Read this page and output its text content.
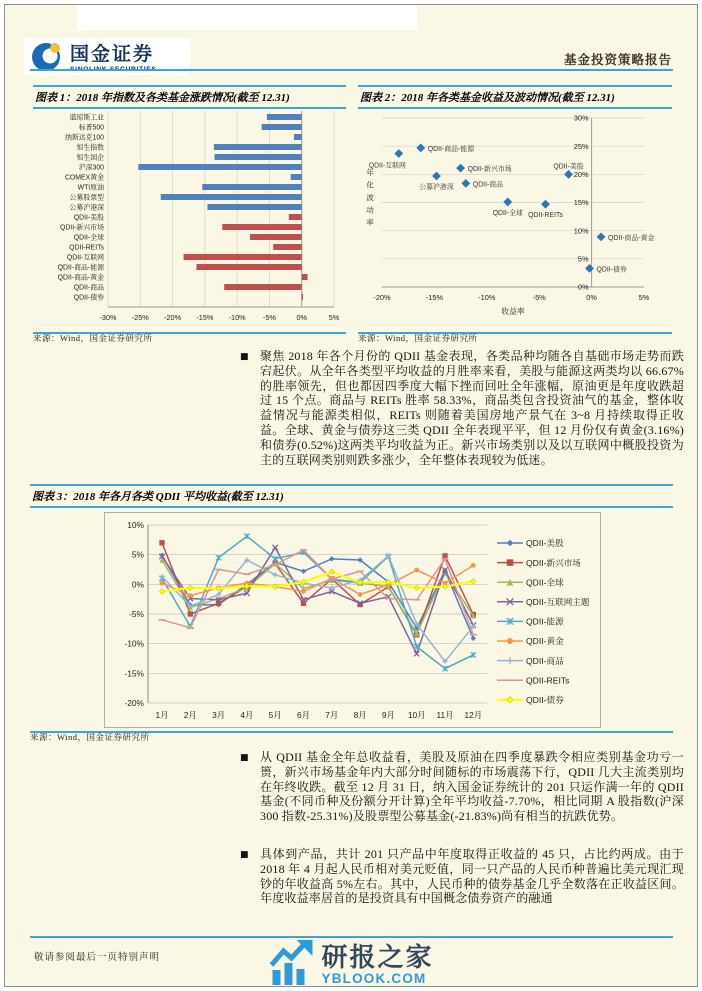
国金证券	基金投资策略报告
图表 1：2018 年指数及各类基金涨跌情况(截至 12.31)
-30% -25% -20% -15% -10% -5%	0%	5%
道琼斯工业
标普500
纳斯达克100
恒生指数
恒生国企
沪深300
COMEX黄金
WTI原油
公募股票型
公募沪港深
QDII-美股
QDII-新兴市场
QDII-全球
QDII-REITs
QDII-互联网
QDII-商品-能源
QDII-商品-黄金
QDII-商品
QDII-债券
来源：Wind，国金证券研究所
图表 2：2018 年各类基金收益及波动情况(截至 12.31)
0%
5%
10%
15%
20%
25%
30%
-20%	-15%	-10%	-5%	0%	5%
收益率
年化波动率
QDII-互联网
QDII-商品-能源
公募沪港深
QDII-新兴市场
QDII-商品
QDII-全球 QDII-REITs
QDII-美股
QDII-商品-黄金
QDII-债券
来源：Wind，国金证券研究所
■ 聚焦 2018 年各个月份的 QDII 基金表现，各类品种均随各自基础市场走势而跌宕起伏。从全年各类型平均收益的月胜率来看，美股与能源这两类均以 66.67%的胜率领先，但也都因四季度大幅下挫而回吐全年涨幅，原油更是年度收跌超过 15 个点。商品与 REITs 胜率 58.33%，商品类包含投资油气的基金，整体收益情况与能源类相似，REITs 则随着美国房地产景气在 3~8 月持续取得正收益。全球、黄金与债券这三类 QDII 全年表现平平，但 12 月份仅有黄金(3.16%)和债券(0.52%)这两类平均收益为正。新兴市场类别以及以互联网中概股投资为主的互联网类别则跌多涨少，全年整体表现较为低迷。
图表 3：2018 年各月各类 QDII 平均收益(截至 12.31)
10%
5%
0%
-5%
-10%
-15%
-20%
1月 2月 3月 4月 5月 6月 7月 8月 9月 10月 11月 12月
QDII-美股
QDII-新兴市场
QDII-全球
QDII-互联网主题
QDII-能源
QDII-黄金
QDII-商品
QDII-REITs
QDII-债券
来源：Wind，国金证券研究所
■ 从 QDII 基金全年总收益看，美股及原油在四季度暴跌令相应类别基金功亏一篑，新兴市场基金年内大部分时间随标的市场震荡下行，QDII 几大主流类别均在年终收跌。截至 12 月 31 日，纳入国金证券统计的 201 只运作满一年的 QDII 基金(不同币种及份额分开计算)全年平均收益-7.70%，相比同期 A 股指数(沪深 300 指数-25.31%)及股票型公募基金(-21.83%)尚有相当的抗跌优势。
■ 具体到产品，共计 201 只产品中年度取得正收益的 45 只，占比约两成。由于 2018 年 4 月起人民币相对美元贬值，同一只产品的人民币种普遍比美元现汇现钞的年收益高 5%左右。其中，人民币种的债券基金几乎全数落在正收益区间。年度收益率居首的是投资具有中国概念债券资产的融通
敬请参阅最后一页特别声明	研报之家
YBLOOK.COM
